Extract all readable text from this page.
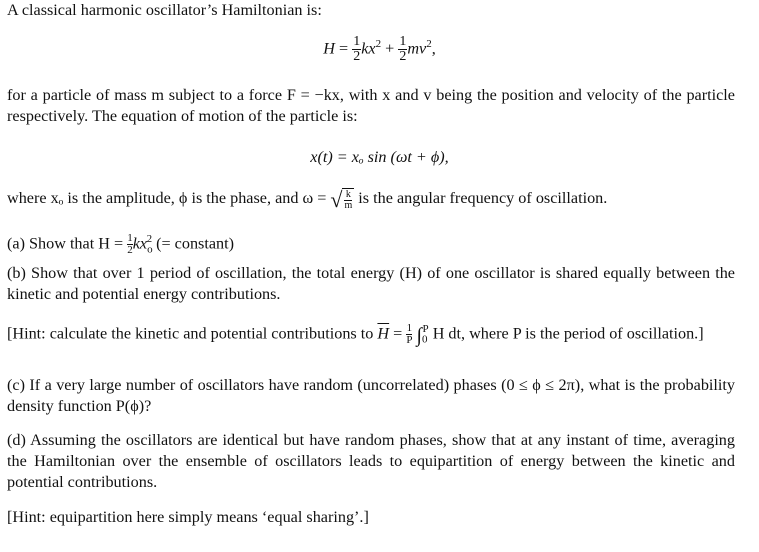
A classical harmonic oscillator’s Hamiltonian is:
$H = \frac{1}{2} kx^2 + \frac{1}{2} mv^2$,
for a particle of mass m subject to a force F = −kx, with x and v being the position and velocity of the particle respectively. The equation of motion of the particle is:
x(t) = xₒ sin (ωt + ϕ),
where xₒ is the amplitude, ϕ is the phase, and ω = √ $\frac{k}{m}$ is the angular frequency of oscillation.
(a) Show that $H = \frac{1}{2}kx_o^2$ (= constant)
(b) Show that over 1 period of oscillation, the total energy (H) of one oscillator is shared equally between the kinetic and potential energy contributions.
[Hint: calculate the kinetic and potential contributions to $\overline{H} = \frac{1}{P} \int_0^P$ H dt, where P is the period of oscillation.]
(c) If a very large number of oscillators have random (uncorrelated) phases (0 ≤ ϕ ≤ 2π), what is the probability density function P(ϕ)?
(d) Assuming the oscillators are identical but have random phases, show that at any instant of time, averaging the Hamiltonian over the ensemble of oscillators leads to equipartition of energy between the kinetic and potential contributions.
[Hint: equipartition here simply means ‘equal sharing’.]
